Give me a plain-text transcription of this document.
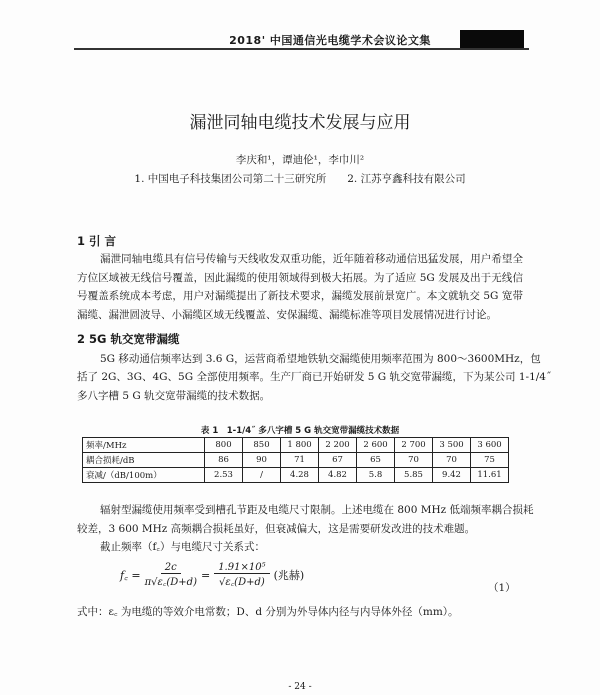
2018' 中国通信光电缆学术会议论文集
漏泄同轴电缆技术发展与应用
李庆和¹，谭迪伦¹，李巾川²
1. 中国电子科技集团公司第二十三研究所　　2. 江苏亨鑫科技有限公司
1 引 言
漏泄同轴电缆具有信号传输与天线收发双重功能，近年随着移动通信迅猛发展，用户希望全
方位区域被无线信号覆盖，因此漏缆的使用领域得到极大拓展。为了适应 5G 发展及出于无线信
号覆盖系统成本考虑，用户对漏缆提出了新技术要求，漏缆发展前景宽广。本文就轨交 5G 宽带
漏缆、漏泄圆波导、小漏缆区域无线覆盖、安保漏缆、漏缆标准等项目发展情况进行讨论。
2 5G 轨交宽带漏缆
5G 移动通信频率达到 3.6 G，运营商希望地铁轨交漏缆使用频率范围为 800～3600MHz，包
括了 2G、3G、4G、5G 全部使用频率。生产厂商已开始研发 5 G 轨交宽带漏缆，下为某公司 1-1/4˝
多八字槽 5 G 轨交宽带漏缆的技术数据。
表 1　1-1/4˝ 多八字槽 5 G 轨交宽带漏缆技术数据
频率/MHz	800	850	1 800	2 200	2 600	2 700	3 500	3 600
耦合损耗/dB	86	90	71	67	65	70	70	75
衰减/（dB/100m）	2.53	/	4.28	4.82	5.8	5.85	9.42	11.61
辐射型漏缆使用频率受到槽孔节距及电缆尺寸限制。上述电缆在 800 MHz 低端频率耦合损耗
较差，3 600 MHz 高频耦合损耗虽好，但衰减偏大，这是需要研发改进的技术难题。
截止频率（f꜀）与电缆尺寸关系式：
f꜀ = $\frac{2c}{\pi√\varepsilon꜀(D+d)} = \frac{\text{1.91×10⁵}}{√\varepsilon꜀(D+d)}$ (兆赫)
（1）
式中：ε꜀ 为电缆的等效介电常数；D、d 分别为外导体内径与内导体外径（mm）。
- 24 -
